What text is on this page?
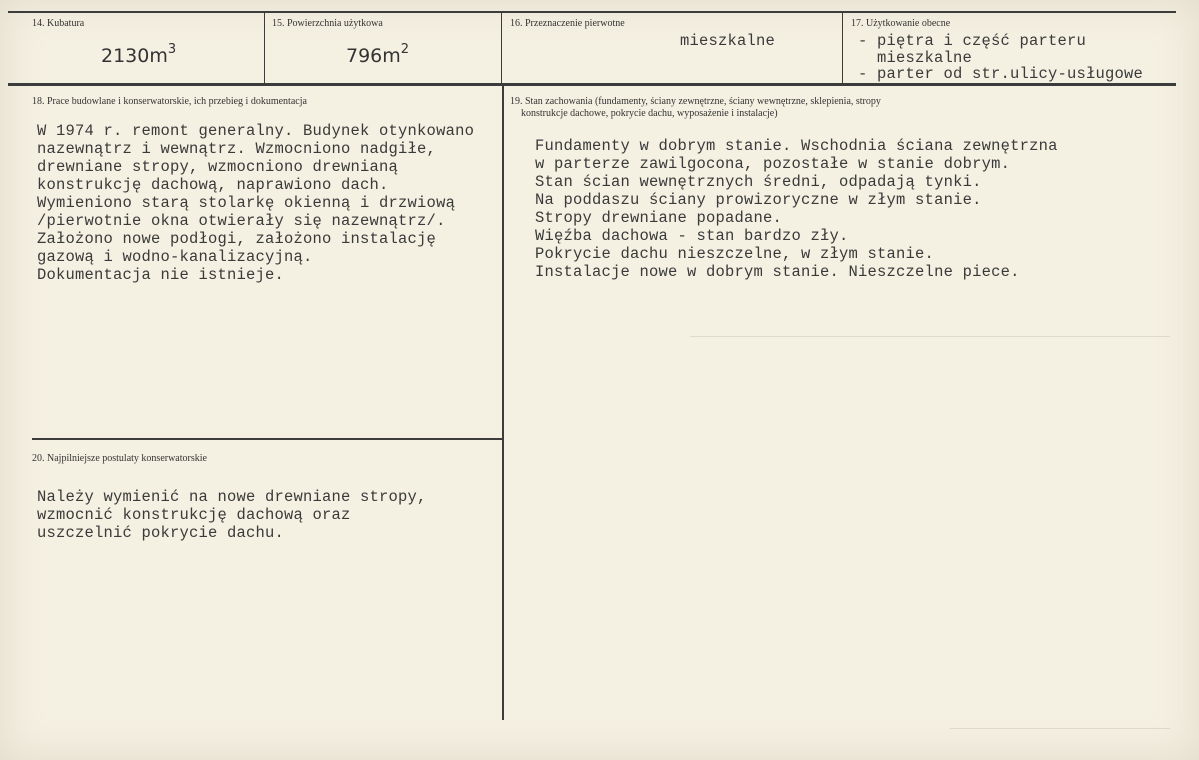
14. Kubatura
$2130m^3$
15. Powierzchnia użytkowa
$796m^2$
16. Przeznaczenie pierwotne
mieszkalne
17. Użytkowanie obecne
- piętra i część parteru
mieszkalne
- parter od str.ulicy-usługowe
18. Prace budowlane i konserwatorskie, ich przebieg i dokumentacja
W 1974 r. remont generalny. Budynek otynkowano
nazewnątrz i wewnątrz. Wzmocniono nadgiłe,
drewniane stropy, wzmocniono drewnianą
konstrukcję dachową, naprawiono dach.
Wymieniono starą stolarkę okienną i drzwiową
/pierwotnie okna otwierały się nazewnątrz/.
Założono nowe podłogi, założono instalację
gazową i wodno-kanalizacyjną.
Dokumentacja nie istnieje.
19. Stan zachowania (fundamenty, ściany zewnętrzne, ściany wewnętrzne, sklepienia, stropy
konstrukcje dachowe, pokrycie dachu, wyposażenie i instalacje)
Fundamenty w dobrym stanie. Wschodnia ściana zewnętrzna
w parterze zawilgocona, pozostałe w stanie dobrym.
Stan ścian wewnętrznych średni, odpadają tynki.
Na poddaszu ściany prowizoryczne w złym stanie.
Stropy drewniane popadane.
Więźba dachowa - stan bardzo zły.
Pokrycie dachu nieszczelne, w złym stanie.
Instalacje nowe w dobrym stanie. Nieszczelne piece.
20. Najpilniejsze postulaty konserwatorskie
Należy wymienić na nowe drewniane stropy,
wzmocnić konstrukcję dachową oraz
uszczelnić pokrycie dachu.
